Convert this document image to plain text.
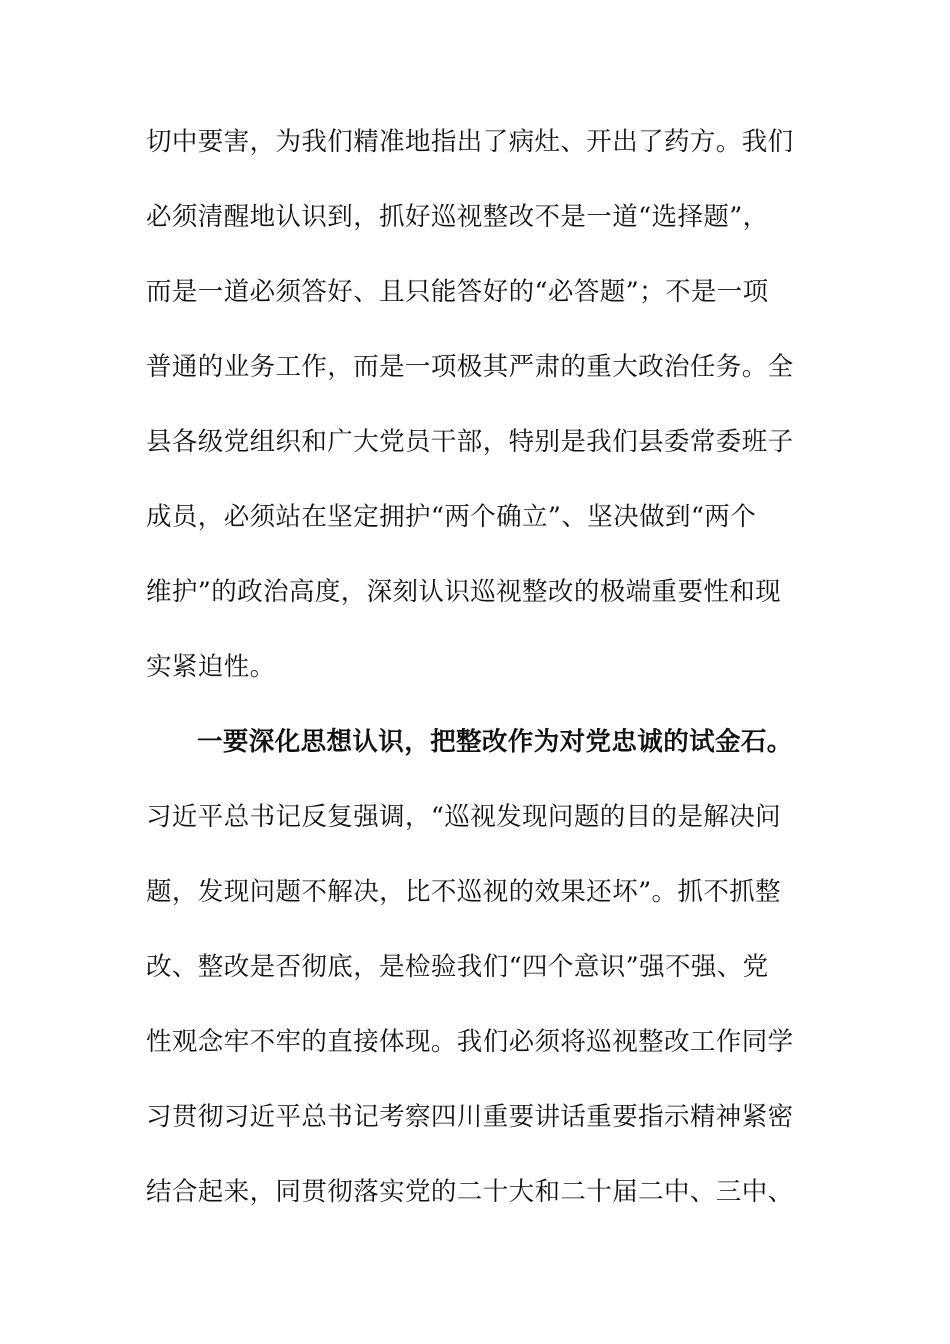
切中要害，为我们精准地指出了病灶、开出了药方。我们
必须清醒地认识到，抓好巡视整改不是一道“选择题”，
而是一道必须答好、且只能答好的“必答题”；不是一项
普通的业务工作，而是一项极其严肃的重大政治任务。全
县各级党组织和广大党员干部，特别是我们县委常委班子
成员，必须站在坚定拥护“两个确立”、坚决做到“两个
维护”的政治高度，深刻认识巡视整改的极端重要性和现
实紧迫性。
一要深化思想认识，把整改作为对党忠诚的试金石。
习近平总书记反复强调，“巡视发现问题的目的是解决问
题，发现问题不解决，比不巡视的效果还坏”。抓不抓整
改、整改是否彻底，是检验我们“四个意识”强不强、党
性观念牢不牢的直接体现。我们必须将巡视整改工作同学
习贯彻习近平总书记考察四川重要讲话重要指示精神紧密
结合起来，同贯彻落实党的二十大和二十届二中、三中、
